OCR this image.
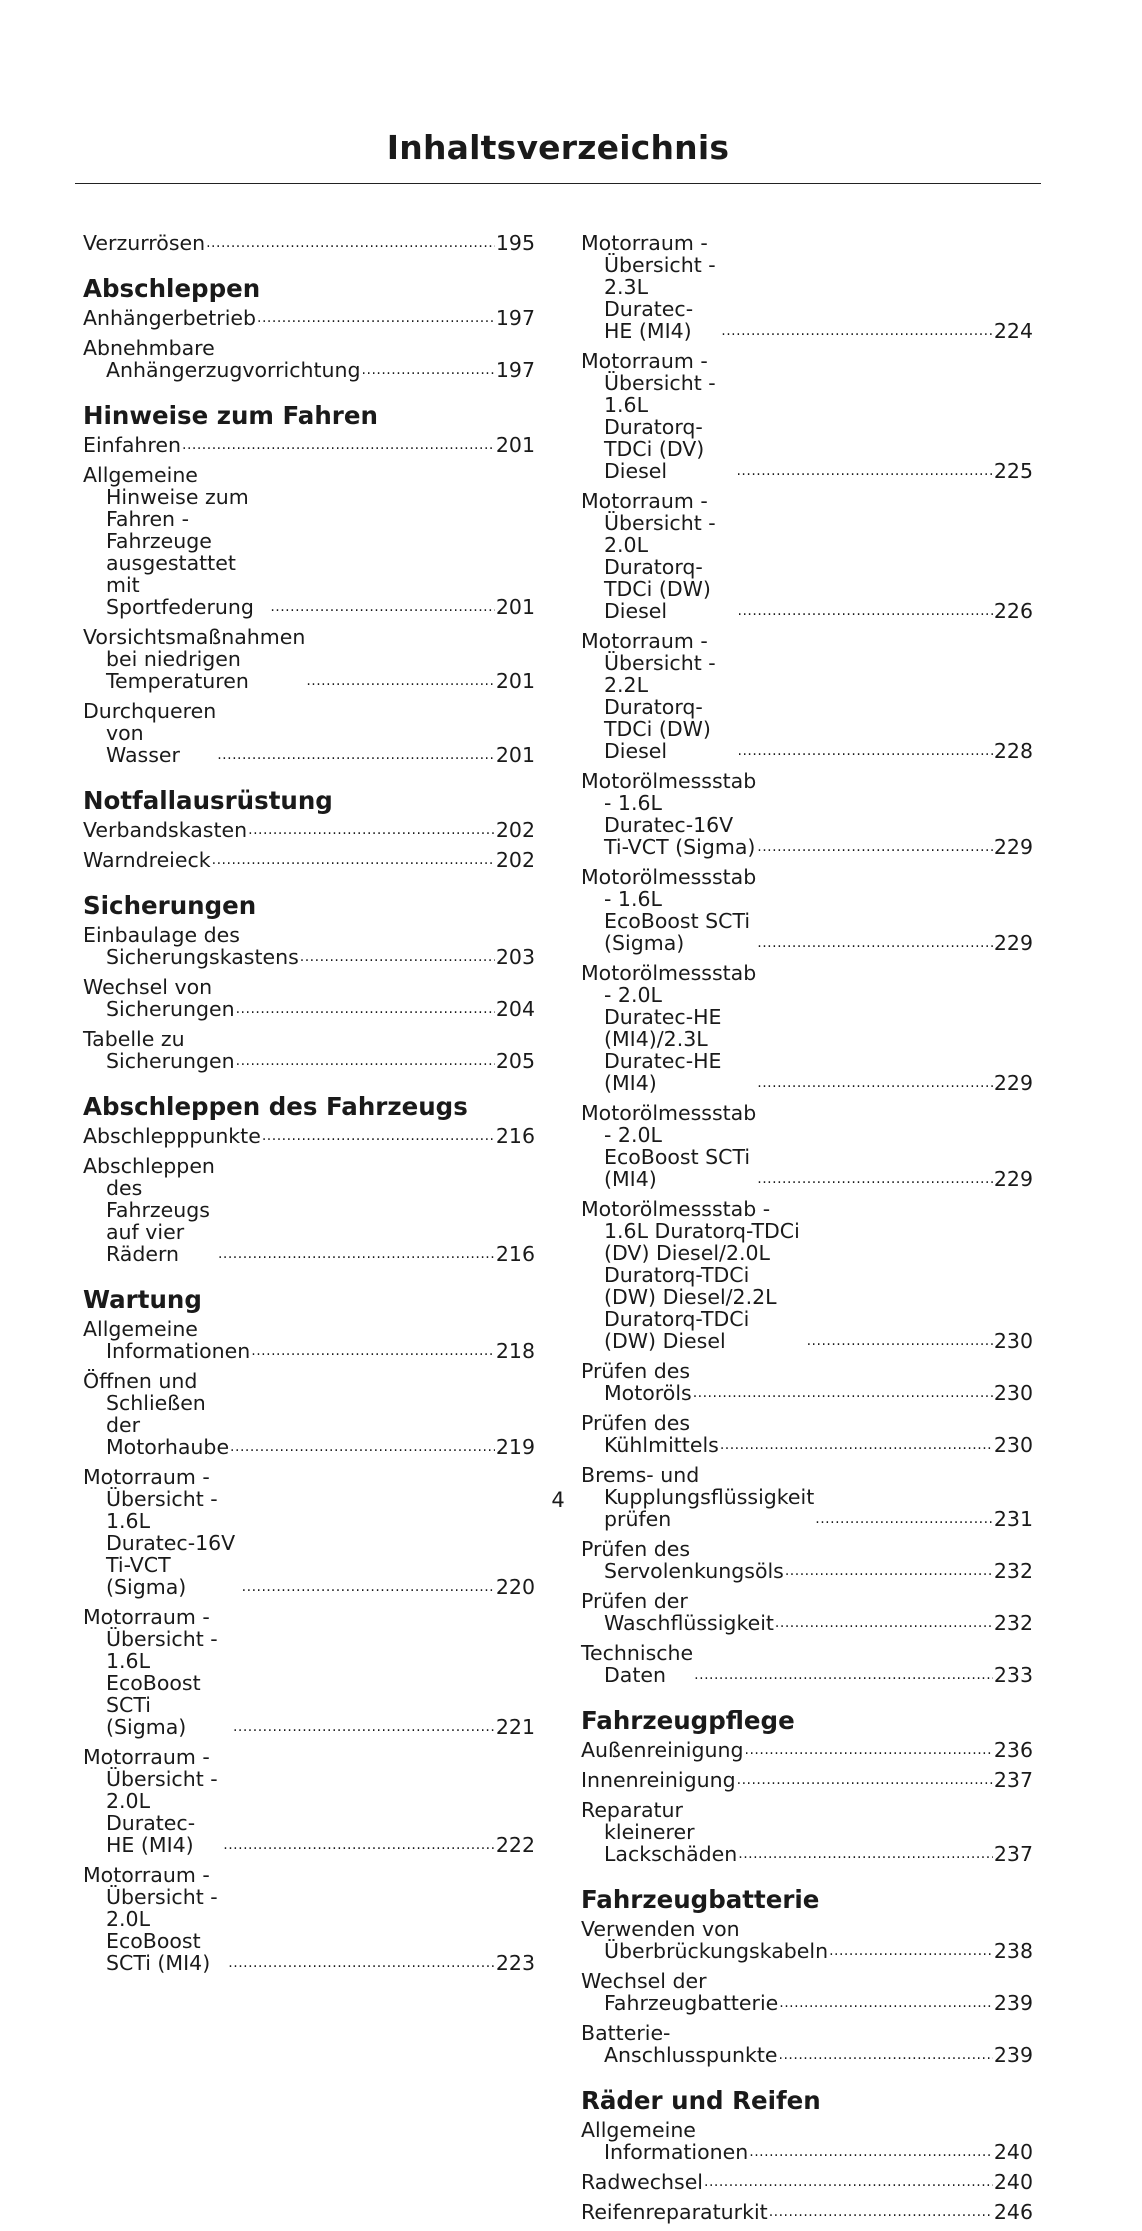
Inhaltsverzeichnis
Verzurrösen .....	195
Abschleppen
Anhängerbetrieb .....	197
Abnehmbare Anhängerzugvorrichtung .....	197
Hinweise zum Fahren
Einfahren .....	201
Allgemeine Hinweise zum Fahren - Fahrzeuge ausgestattet mit Sportfederung .....	201
Vorsichtsmaßnahmen bei niedrigen Temperaturen .....	201
Durchqueren von Wasser .....	201
Notfallausrüstung
Verbandskasten .....	202
Warndreieck .....	202
Sicherungen
Einbaulage des Sicherungskastens .....	203
Wechsel von Sicherungen .....	204
Tabelle zu Sicherungen .....	205
Abschleppen des Fahrzeugs
Abschlepppunkte .....	216
Abschleppen des Fahrzeugs auf vier Rädern .....	216
Wartung
Allgemeine Informationen .....	218
Öffnen und Schließen der Motorhaube .....	219
Motorraum - Übersicht - 1.6L Duratec-16V Ti-VCT (Sigma) .....	220
Motorraum - Übersicht - 1.6L EcoBoost SCTi (Sigma) .....	221
Motorraum - Übersicht - 2.0L Duratec-HE (MI4) .....	222
Motorraum - Übersicht - 2.0L EcoBoost SCTi (MI4) .....	223
Motorraum - Übersicht - 2.3L Duratec-HE (MI4) .....	224
Motorraum - Übersicht - 1.6L Duratorq-TDCi (DV) Diesel .....	225
Motorraum - Übersicht - 2.0L Duratorq-TDCi (DW) Diesel .....	226
Motorraum - Übersicht - 2.2L Duratorq-TDCi (DW) Diesel .....	228
Motorölmessstab - 1.6L Duratec-16V Ti-VCT (Sigma) .....	229
Motorölmessstab - 1.6L EcoBoost SCTi (Sigma) .....	229
Motorölmessstab - 2.0L Duratec-HE (MI4)/2.3L Duratec-HE (MI4) .....	229
Motorölmessstab - 2.0L EcoBoost SCTi (MI4) .....	229
Motorölmessstab - 1.6L Duratorq-TDCi (DV) Diesel/2.0L Duratorq-TDCi (DW) Diesel/2.2L Duratorq-TDCi (DW) Diesel .....	230
Prüfen des Motoröls .....	230
Prüfen des Kühlmittels .....	230
Brems- und Kupplungsflüssigkeit prüfen .....	231
Prüfen des Servolenkungsöls .....	232
Prüfen der Waschflüssigkeit .....	232
Technische Daten .....	233
Fahrzeugpflege
Außenreinigung .....	236
Innenreinigung .....	237
Reparatur kleinerer Lackschäden .....	237
Fahrzeugbatterie
Verwenden von Überbrückungskabeln .....	238
Wechsel der Fahrzeugbatterie .....	239
Batterie-Anschlusspunkte .....	239
Räder und Reifen
Allgemeine Informationen .....	240
Radwechsel .....	240
Reifenreparaturkit .....	246
4
